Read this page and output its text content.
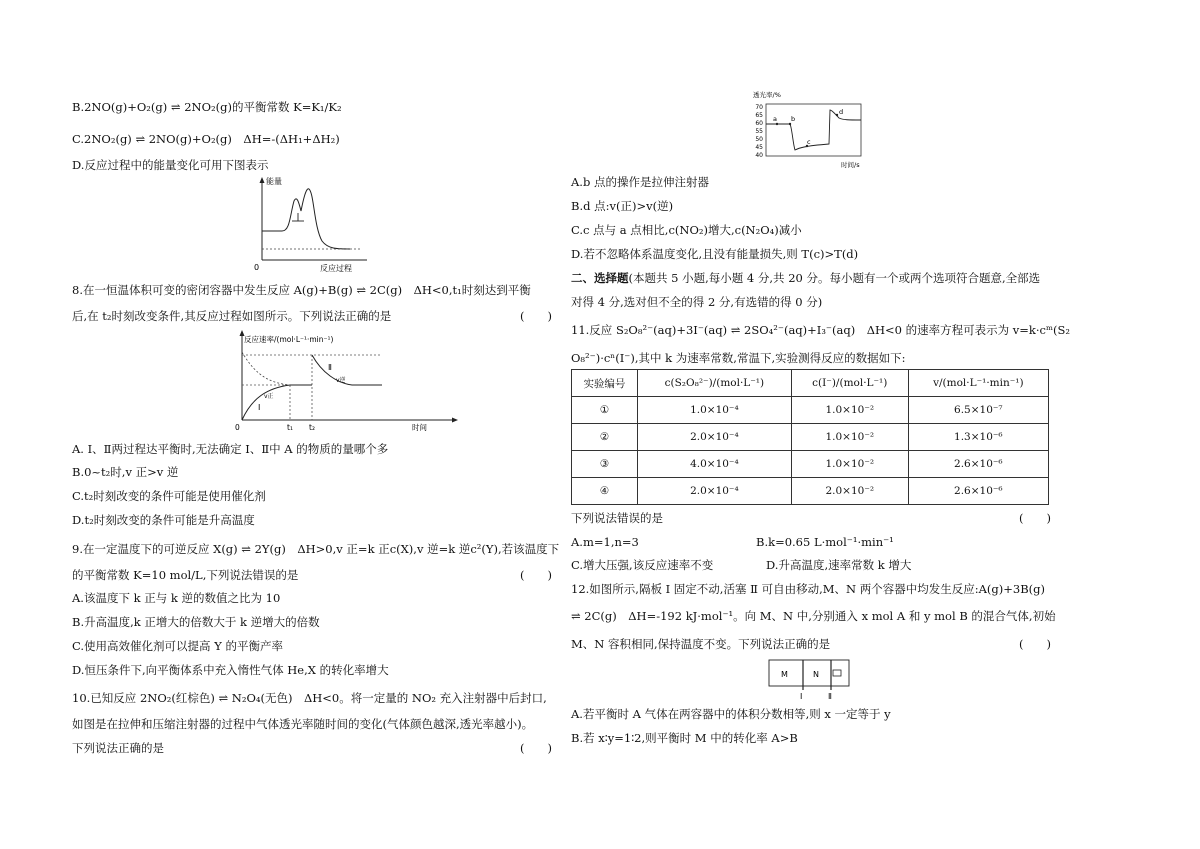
B.2NO(g)+O₂(g) ⇌ 2NO₂(g)的平衡常数 K=K₁/K₂
C.2NO₂(g) ⇌ 2NO(g)+O₂(g)　ΔH=-(ΔH₁+ΔH₂)
D.反应过程中的能量变化可用下图表示
能量
0	反应过程
8.在一恒温体积可变的密闭容器中发生反应 A(g)+B(g) ⇌ 2C(g)　ΔH<0,t₁时刻达到平衡
后,在 t₂时刻改变条件,其反应过程如图所示。下列说法正确的是	(　　)
反应速率/(mol·L⁻¹·min⁻¹)
0	t₁ t₂	时间
Ⅰ
Ⅱ
v正
v逆
A. Ⅰ、Ⅱ两过程达平衡时,无法确定 Ⅰ、Ⅱ中 A 的物质的量哪个多
B.0~t₂时,v 正>v 逆
C.t₂时刻改变的条件可能是使用催化剂
D.t₂时刻改变的条件可能是升高温度
9.在一定温度下的可逆反应 X(g) ⇌ 2Y(g)　ΔH>0,v 正=k 正c(X),v 逆=k 逆c²(Y),若该温度下
的平衡常数 K=10 mol/L,下列说法错误的是	(　　)
A.该温度下 k 正与 k 逆的数值之比为 10
B.升高温度,k 正增大的倍数大于 k 逆增大的倍数
C.使用高效催化剂可以提高 Y 的平衡产率
D.恒压条件下,向平衡体系中充入惰性气体 He,X 的转化率增大
10.已知反应 2NO₂(红棕色) ⇌ N₂O₄(无色)　ΔH<0。将一定量的 NO₂ 充入注射器中后封口,
如图是在拉伸和压缩注射器的过程中气体透光率随时间的变化(气体颜色越深,透光率越小)。
下列说法正确的是	(　　)
透光率/%
70
65
60
55
50
45
40
a b
c
d
时间/s
A.b 点的操作是拉伸注射器
B.d 点:v(正)>v(逆)
C.c 点与 a 点相比,c(NO₂)增大,c(N₂O₄)减小
D.若不忽略体系温度变化,且没有能量损失,则 T(c)>T(d)
二、选择题(本题共 5 小题,每小题 4 分,共 20 分。每小题有一个或两个选项符合题意,全部选
对得 4 分,选对但不全的得 2 分,有选错的得 0 分)
11.反应 S₂O₈²⁻(aq)+3I⁻(aq) ⇌ 2SO₄²⁻(aq)+I₃⁻(aq)　ΔH<0 的速率方程可表示为 v=k·cᵐ(S₂
O₈²⁻)·cⁿ(I⁻),其中 k 为速率常数,常温下,实验测得反应的数据如下:
实验编号	c(S₂O₈²⁻)/(mol·L⁻¹)	c(I⁻)/(mol·L⁻¹)	v/(mol·L⁻¹·min⁻¹)
①	1.0×10⁻⁴	1.0×10⁻²	6.5×10⁻⁷
②	2.0×10⁻⁴	1.0×10⁻²	1.3×10⁻⁶
③	4.0×10⁻⁴	1.0×10⁻²	2.6×10⁻⁶
④	2.0×10⁻⁴	2.0×10⁻²	2.6×10⁻⁶
下列说法错误的是	(　　)
A.m=1,n=3	B.k=0.65 L·mol⁻¹·min⁻¹
C.增大压强,该反应速率不变	D.升高温度,速率常数 k 增大
12.如图所示,隔板 Ⅰ 固定不动,活塞 Ⅱ 可自由移动,M、N 两个容器中均发生反应:A(g)+3B(g)
⇌ 2C(g)　ΔH=-192 kJ·mol⁻¹。向 M、N 中,分别通入 x mol A 和 y mol B 的混合气体,初始
M、N 容积相同,保持温度不变。下列说法正确的是	(　　)
M	N
Ⅰ	Ⅱ
A.若平衡时 A 气体在两容器中的体积分数相等,则 x 一定等于 y
B.若 x∶y=1∶2,则平衡时 M 中的转化率 A>B
